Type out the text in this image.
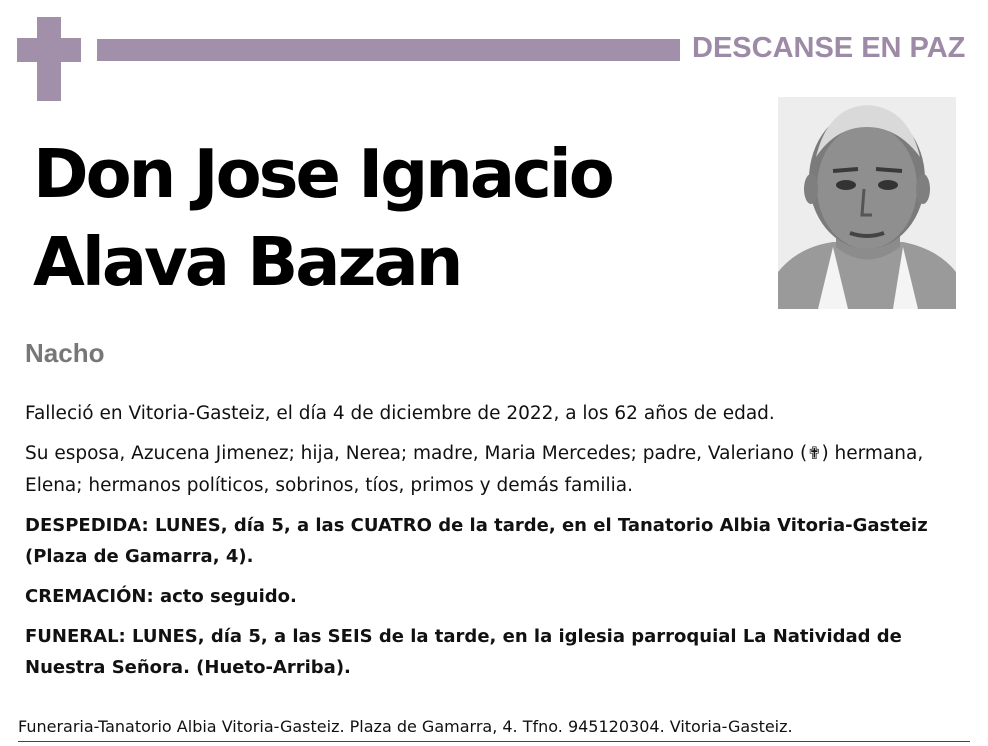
DESCANSE EN PAZ
Don Jose Ignacio
Alava Bazan
Nacho

Falleció en Vitoria-Gasteiz, el día 4 de diciembre de 2022, a los 62 años de edad.

Su esposa, Azucena Jimenez; hija, Nerea; madre, Maria Mercedes; padre, Valeriano (✟) hermana, Elena; hermanos políticos, sobrinos, tíos, primos y demás familia.

DESPEDIDA: LUNES, día 5, a las CUATRO de la tarde, en el Tanatorio Albia Vitoria-Gasteiz (Plaza de Gamarra, 4).

CREMACIÓN: acto seguido.

FUNERAL: LUNES, día 5, a las SEIS de la tarde, en la iglesia parroquial La Natividad de Nuestra Señora. (Hueto-Arriba).

Funeraria-Tanatorio Albia Vitoria-Gasteiz. Plaza de Gamarra, 4. Tfno. 945120304. Vitoria-Gasteiz.
